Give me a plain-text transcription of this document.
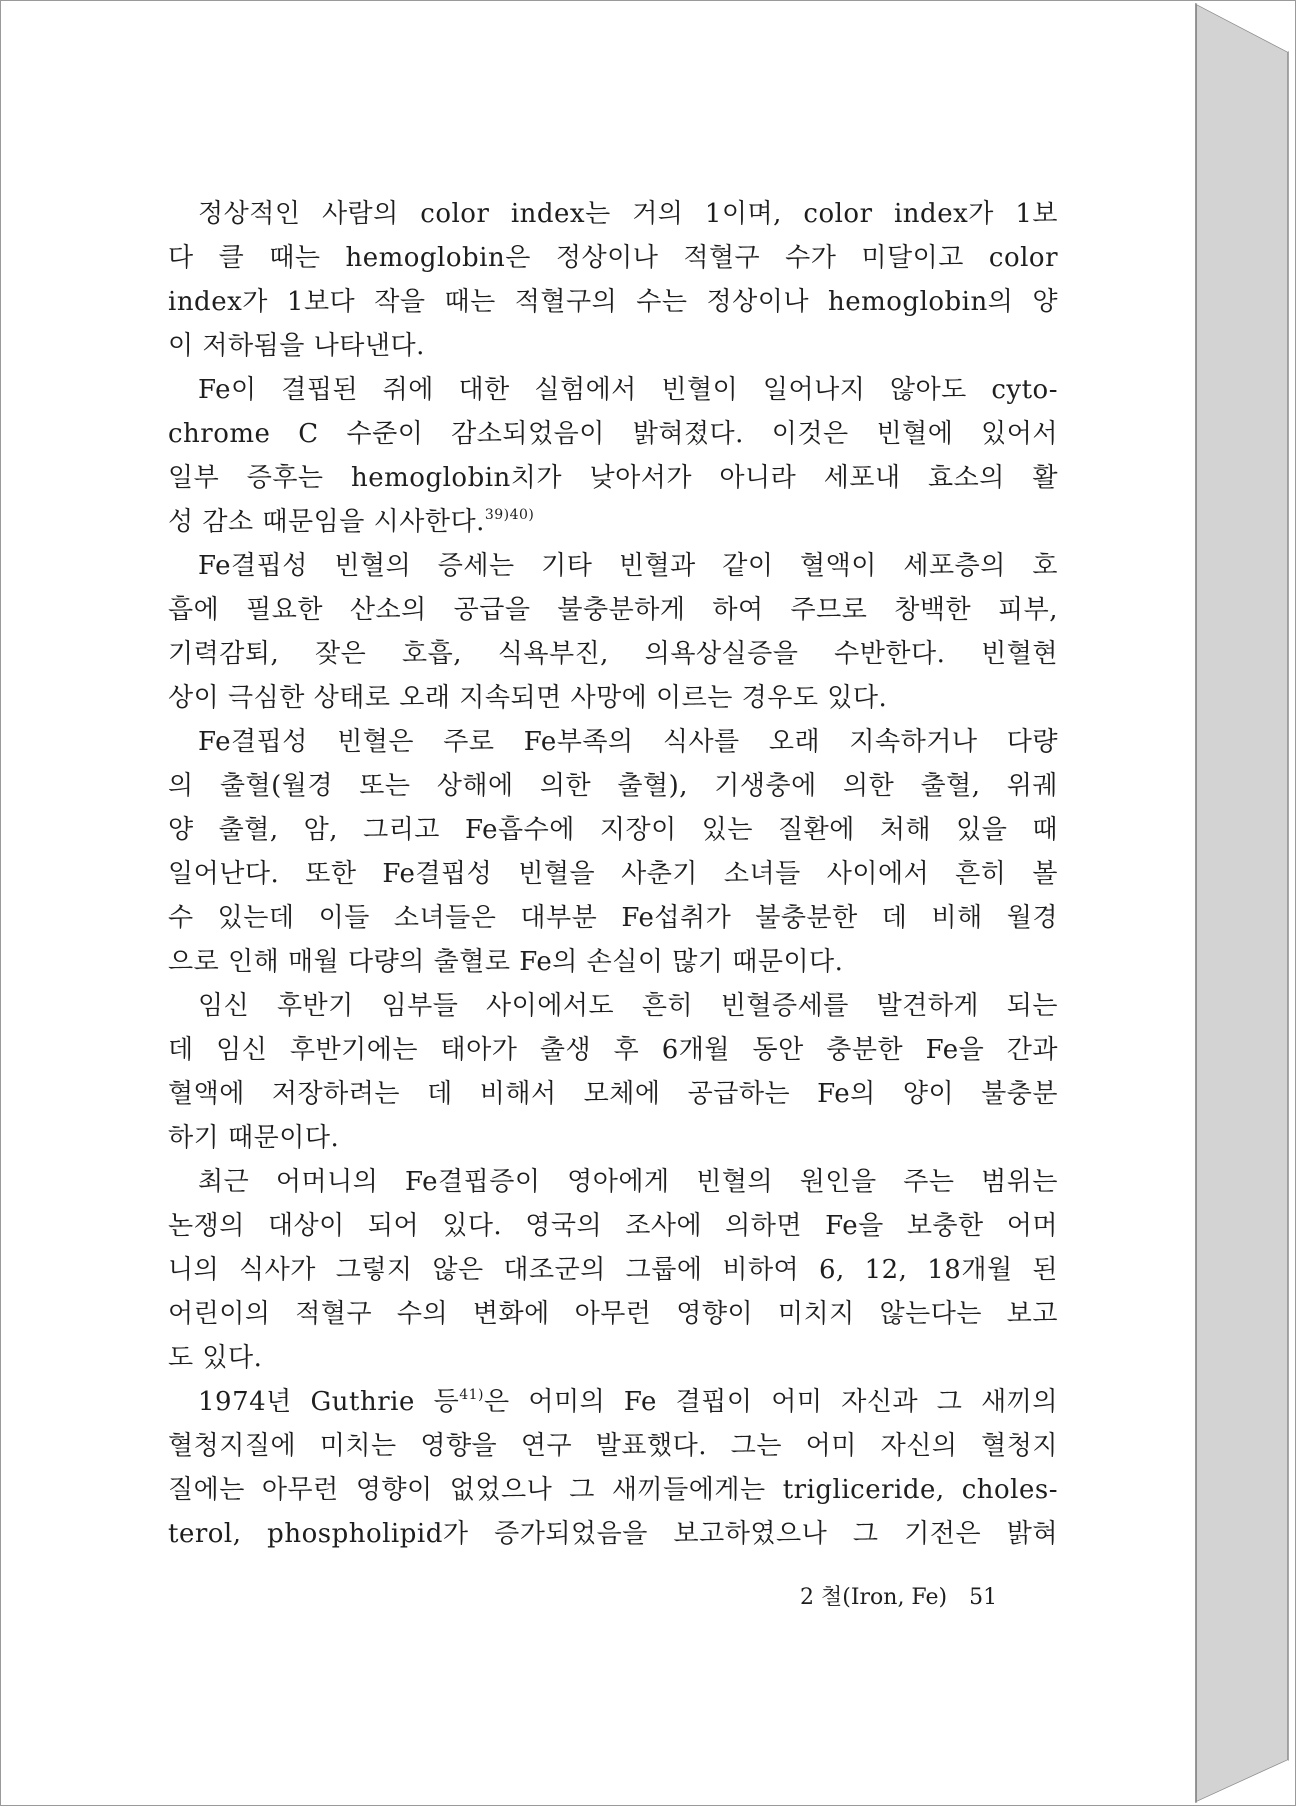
정상적인 사람의 color index는 거의 1이며, color index가 1보
다 클 때는 hemoglobin은 정상이나 적혈구 수가 미달이고 color
index가 1보다 작을 때는 적혈구의 수는 정상이나 hemoglobin의 양
이 저하됨을 나타낸다.
Fe이 결핍된 쥐에 대한 실험에서 빈혈이 일어나지 않아도 cyto-
chrome C 수준이 감소되었음이 밝혀졌다. 이것은 빈혈에 있어서
일부 증후는 hemoglobin치가 낮아서가 아니라 세포내 효소의 활
성 감소 때문임을 시사한다.$^{39)40)}$
Fe결핍성 빈혈의 증세는 기타 빈혈과 같이 혈액이 세포층의 호
흡에 필요한 산소의 공급을 불충분하게 하여 주므로 창백한 피부,
기력감퇴, 잦은 호흡, 식욕부진, 의욕상실증을 수반한다. 빈혈현
상이 극심한 상태로 오래 지속되면 사망에 이르는 경우도 있다.
Fe결핍성 빈혈은 주로 Fe부족의 식사를 오래 지속하거나 다량
의 출혈(월경 또는 상해에 의한 출혈), 기생충에 의한 출혈, 위궤
양 출혈, 암, 그리고 Fe흡수에 지장이 있는 질환에 처해 있을 때
일어난다. 또한 Fe결핍성 빈혈을 사춘기 소녀들 사이에서 흔히 볼
수 있는데 이들 소녀들은 대부분 Fe섭취가 불충분한 데 비해 월경
으로 인해 매월 다량의 출혈로 Fe의 손실이 많기 때문이다.
임신 후반기 임부들 사이에서도 흔히 빈혈증세를 발견하게 되는
데 임신 후반기에는 태아가 출생 후 6개월 동안 충분한 Fe을 간과
혈액에 저장하려는 데 비해서 모체에 공급하는 Fe의 양이 불충분
하기 때문이다.
최근 어머니의 Fe결핍증이 영아에게 빈혈의 원인을 주는 범위는
논쟁의 대상이 되어 있다. 영국의 조사에 의하면 Fe을 보충한 어머
니의 식사가 그렇지 않은 대조군의 그룹에 비하여 6, 12, 18개월 된
어린이의 적혈구 수의 변화에 아무런 영향이 미치지 않는다는 보고
도 있다.
1974년 Guthrie 등$^{41)}$은 어미의 Fe 결핍이 어미 자신과 그 새끼의
혈청지질에 미치는 영향을 연구 발표했다. 그는 어미 자신의 혈청지
질에는 아무런 영향이 없었으나 그 새끼들에게는 trigliceride, choles-
terol, phospholipid가 증가되었음을 보고하였으나 그 기전은 밝혀
2 철(Iron, Fe) 51
